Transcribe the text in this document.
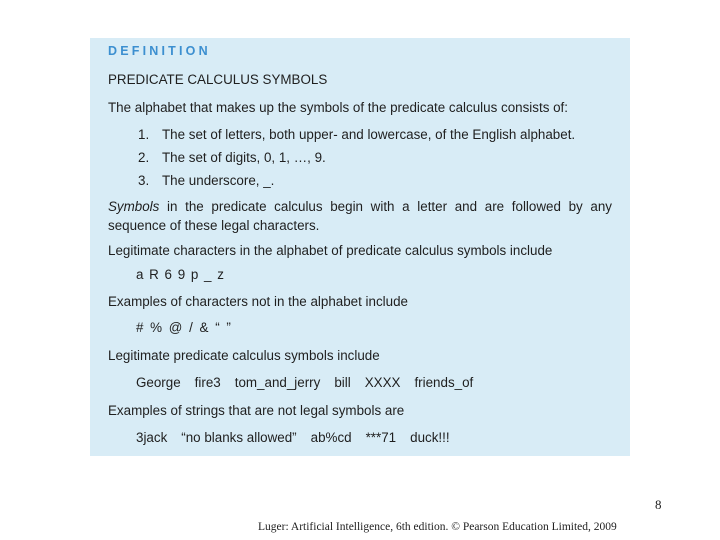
DEFINITION
PREDICATE CALCULUS SYMBOLS
The alphabet that makes up the symbols of the predicate calculus consists of:
1. The set of letters, both upper- and lowercase, of the English alphabet.
2. The set of digits, 0, 1, …, 9.
3. The underscore, _.
Symbols in the predicate calculus begin with a letter and are followed by any sequence of these legal characters.
Legitimate characters in the alphabet of predicate calculus symbols include
a R 6 9 p _ z
Examples of characters not in the alphabet include
# % @ / & “ ”
Legitimate predicate calculus symbols include
George fire3 tom_and_jerry bill XXXX friends_of
Examples of strings that are not legal symbols are
3jack “no blanks allowed” ab%cd ***71 duck!!!
8
Luger: Artificial Intelligence, 6th edition. © Pearson Education Limited, 2009
